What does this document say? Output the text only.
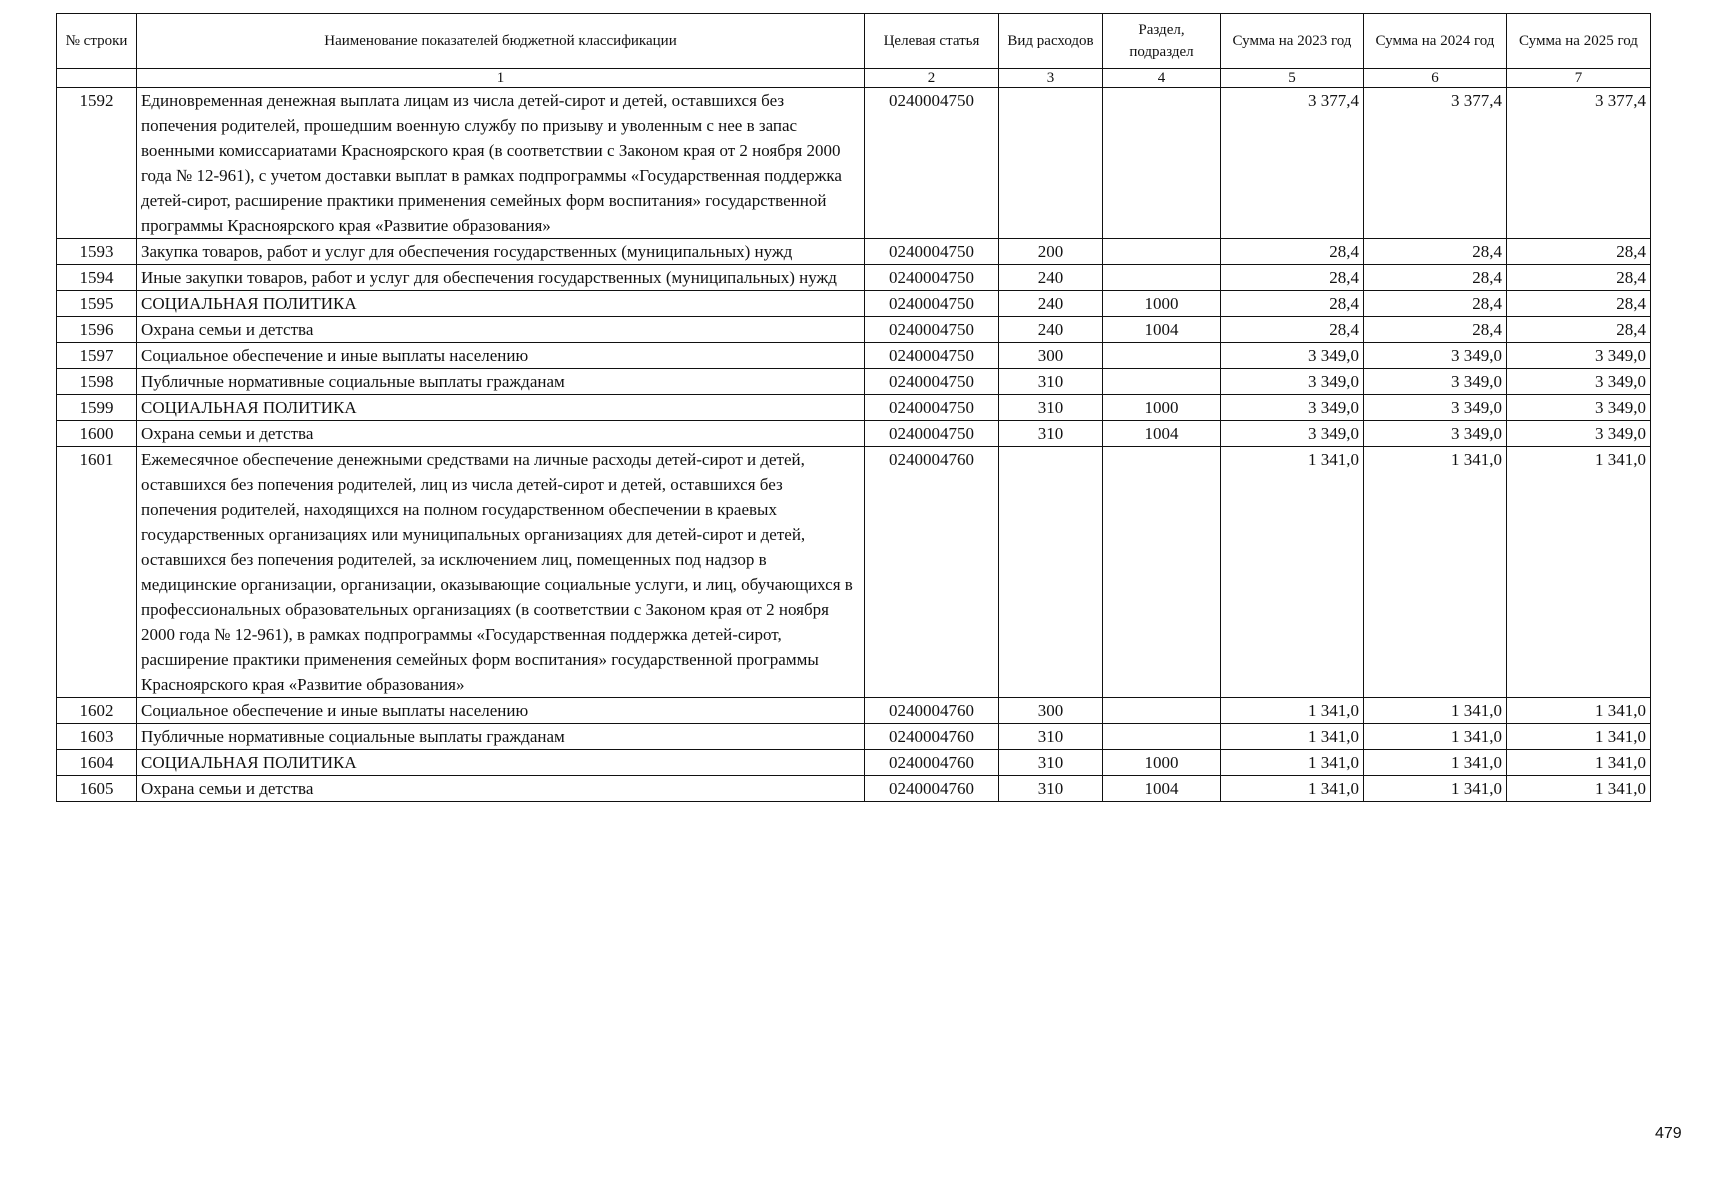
№ строки	Наименование показателей бюджетной классификации	Целевая статья	Вид расходов	Раздел, подраздел	Сумма на 2023 год	Сумма на 2024 год	Сумма на 2025 год
	1	2	3	4	5	6	7
1592	Единовременная денежная выплата лицам из числа детей-сирот и детей, оставшихся без попечения родителей, прошедшим военную службу по призыву и уволенным с нее в запас военными комиссариатами Красноярского края (в соответствии с Законом края от 2 ноября 2000 года № 12-961), с учетом доставки выплат в рамках подпрограммы «Государственная поддержка детей-сирот, расширение практики применения семейных форм воспитания» государственной программы Красноярского края «Развитие образования»	0240004750			3 377,4	3 377,4	3 377,4
1593	Закупка товаров, работ и услуг для обеспечения государственных (муниципальных) нужд	0240004750	200		28,4	28,4	28,4
1594	Иные закупки товаров, работ и услуг для обеспечения государственных (муниципальных) нужд	0240004750	240		28,4	28,4	28,4
1595	СОЦИАЛЬНАЯ ПОЛИТИКА	0240004750	240	1000	28,4	28,4	28,4
1596	Охрана семьи и детства	0240004750	240	1004	28,4	28,4	28,4
1597	Социальное обеспечение и иные выплаты населению	0240004750	300		3 349,0	3 349,0	3 349,0
1598	Публичные нормативные социальные выплаты гражданам	0240004750	310		3 349,0	3 349,0	3 349,0
1599	СОЦИАЛЬНАЯ ПОЛИТИКА	0240004750	310	1000	3 349,0	3 349,0	3 349,0
1600	Охрана семьи и детства	0240004750	310	1004	3 349,0	3 349,0	3 349,0
1601	Ежемесячное обеспечение денежными средствами на личные расходы детей-сирот и детей, оставшихся без попечения родителей, лиц из числа детей-сирот и детей, оставшихся без попечения родителей, находящихся на полном государственном обеспечении в краевых государственных организациях или муниципальных организациях для детей-сирот и детей, оставшихся без попечения родителей, за исключением лиц, помещенных под надзор в медицинские организации, организации, оказывающие социальные услуги, и лиц, обучающихся в профессиональных образовательных организациях (в соответствии с Законом края от 2 ноября 2000 года № 12-961), в рамках подпрограммы «Государственная поддержка детей-сирот, расширение практики применения семейных форм воспитания» государственной программы Красноярского края «Развитие образования»	0240004760			1 341,0	1 341,0	1 341,0
1602	Социальное обеспечение и иные выплаты населению	0240004760	300		1 341,0	1 341,0	1 341,0
1603	Публичные нормативные социальные выплаты гражданам	0240004760	310		1 341,0	1 341,0	1 341,0
1604	СОЦИАЛЬНАЯ ПОЛИТИКА	0240004760	310	1000	1 341,0	1 341,0	1 341,0
1605	Охрана семьи и детства	0240004760	310	1004	1 341,0	1 341,0	1 341,0
479
